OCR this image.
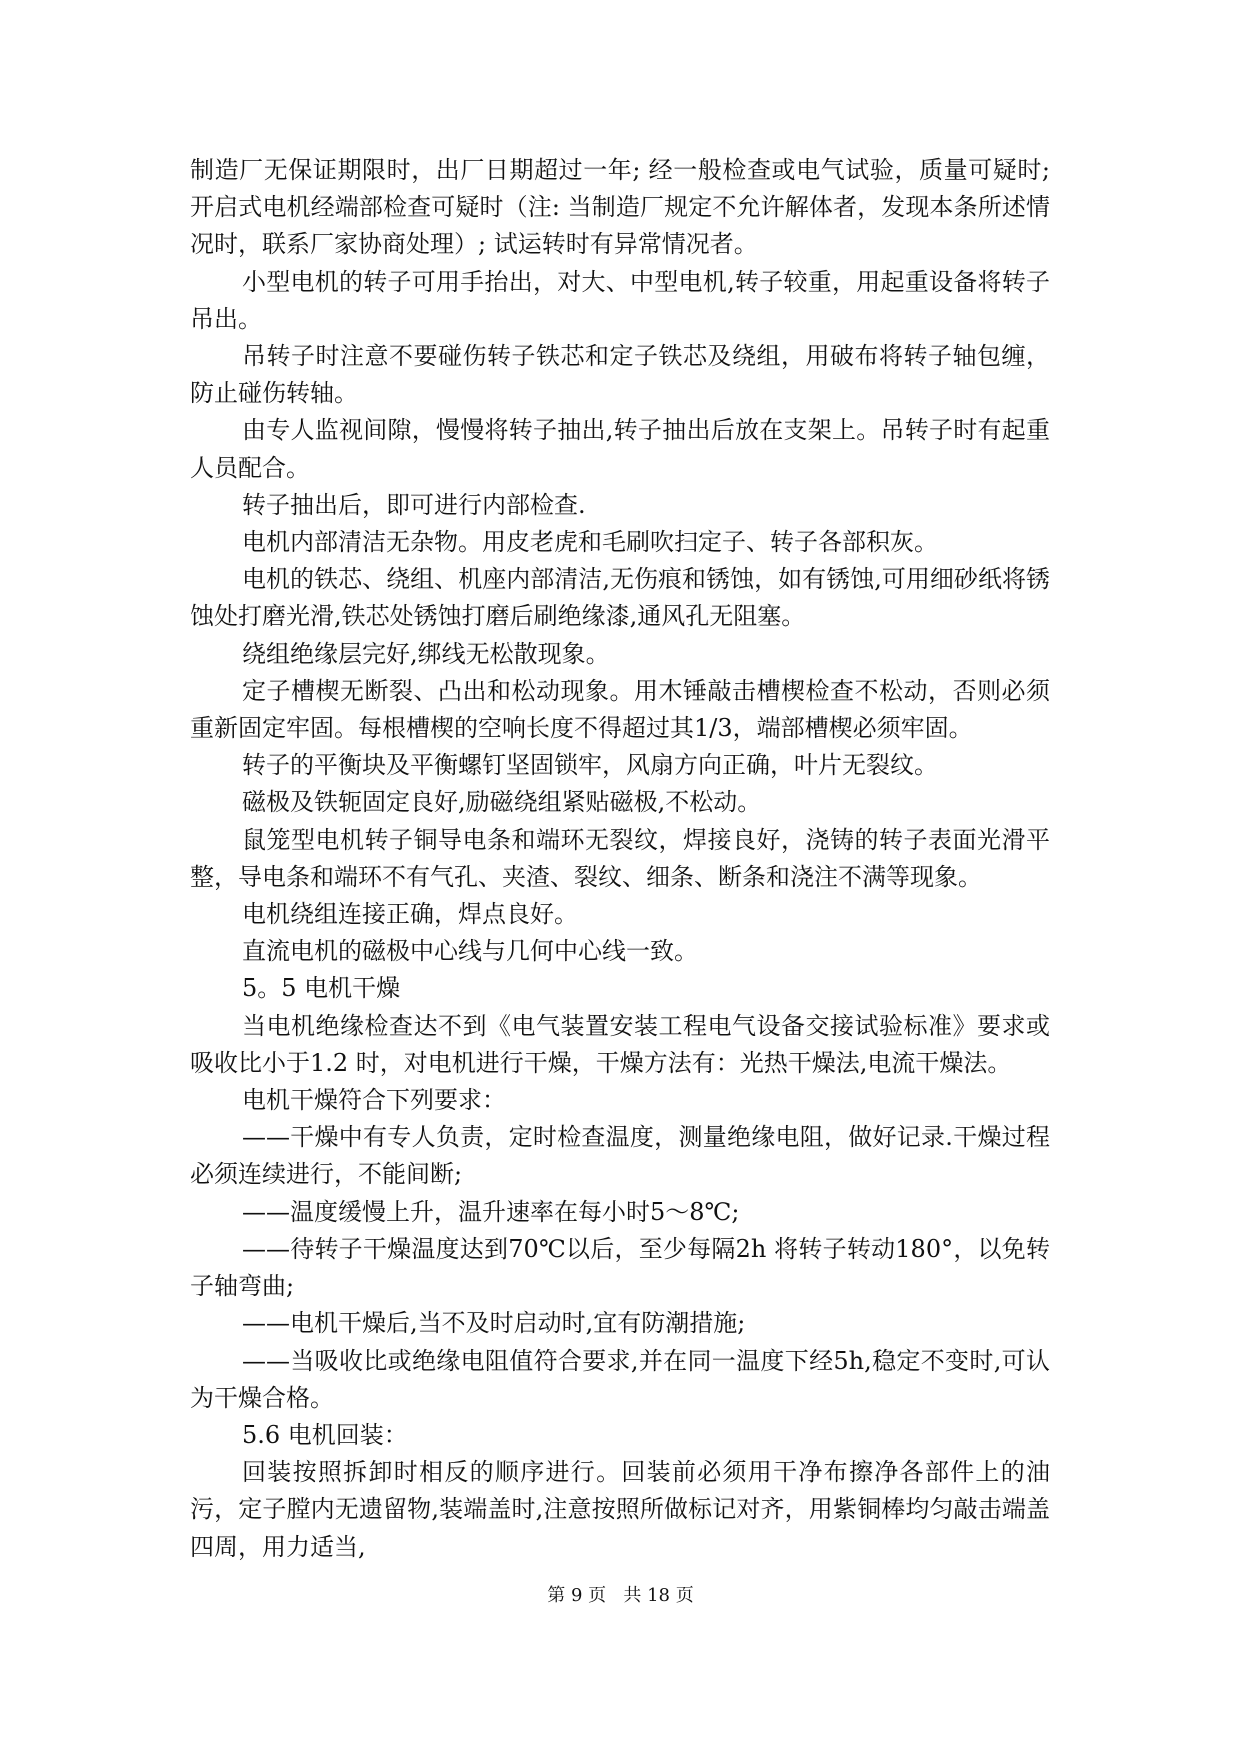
制造厂无保证期限时，出厂日期超过一年; 经一般检查或电气试验，质量可疑时; 开启式电机经端部检查可疑时（注: 当制造厂规定不允许解体者，发现本条所述情况时，联系厂家协商处理）; 试运转时有异常情况者。

小型电机的转子可用手抬出，对大、中型电机,转子较重，用起重设备将转子吊出。

吊转子时注意不要碰伤转子铁芯和定子铁芯及绕组，用破布将转子轴包缠，防止碰伤转轴。

由专人监视间隙，慢慢将转子抽出,转子抽出后放在支架上。吊转子时有起重人员配合。

转子抽出后，即可进行内部检查.

电机内部清洁无杂物。用皮老虎和毛刷吹扫定子、转子各部积灰。

电机的铁芯、绕组、机座内部清洁,无伤痕和锈蚀，如有锈蚀,可用细砂纸将锈蚀处打磨光滑,铁芯处锈蚀打磨后刷绝缘漆,通风孔无阻塞。

绕组绝缘层完好,绑线无松散现象。

定子槽楔无断裂、凸出和松动现象。用木锤敲击槽楔检查不松动，否则必须重新固定牢固。每根槽楔的空响长度不得超过其1/3，端部槽楔必须牢固。

转子的平衡块及平衡螺钉坚固锁牢，风扇方向正确，叶片无裂纹。

磁极及铁轭固定良好,励磁绕组紧贴磁极,不松动。

鼠笼型电机转子铜导电条和端环无裂纹，焊接良好，浇铸的转子表面光滑平整，导电条和端环不有气孔、夹渣、裂纹、细条、断条和浇注不满等现象。

电机绕组连接正确，焊点良好。

直流电机的磁极中心线与几何中心线一致。

5。5 电机干燥

当电机绝缘检查达不到《电气装置安装工程电气设备交接试验标准》要求或吸收比小于1.2 时，对电机进行干燥，干燥方法有：光热干燥法,电流干燥法。

电机干燥符合下列要求：

——干燥中有专人负责，定时检查温度，测量绝缘电阻，做好记录.干燥过程必须连续进行，不能间断;

——温度缓慢上升，温升速率在每小时5～8℃;

——待转子干燥温度达到70℃以后，至少每隔2h 将转子转动180°，以免转子轴弯曲;

——电机干燥后,当不及时启动时,宜有防潮措施;

——当吸收比或绝缘电阻值符合要求,并在同一温度下经5h,稳定不变时,可认为干燥合格。

5.6 电机回装：

回装按照拆卸时相反的顺序进行。回装前必须用干净布擦净各部件上的油污，定子膛内无遗留物,装端盖时,注意按照所做标记对齐，用紫铜棒均匀敲击端盖四周，用力适当,

第 9 页 共 18 页
